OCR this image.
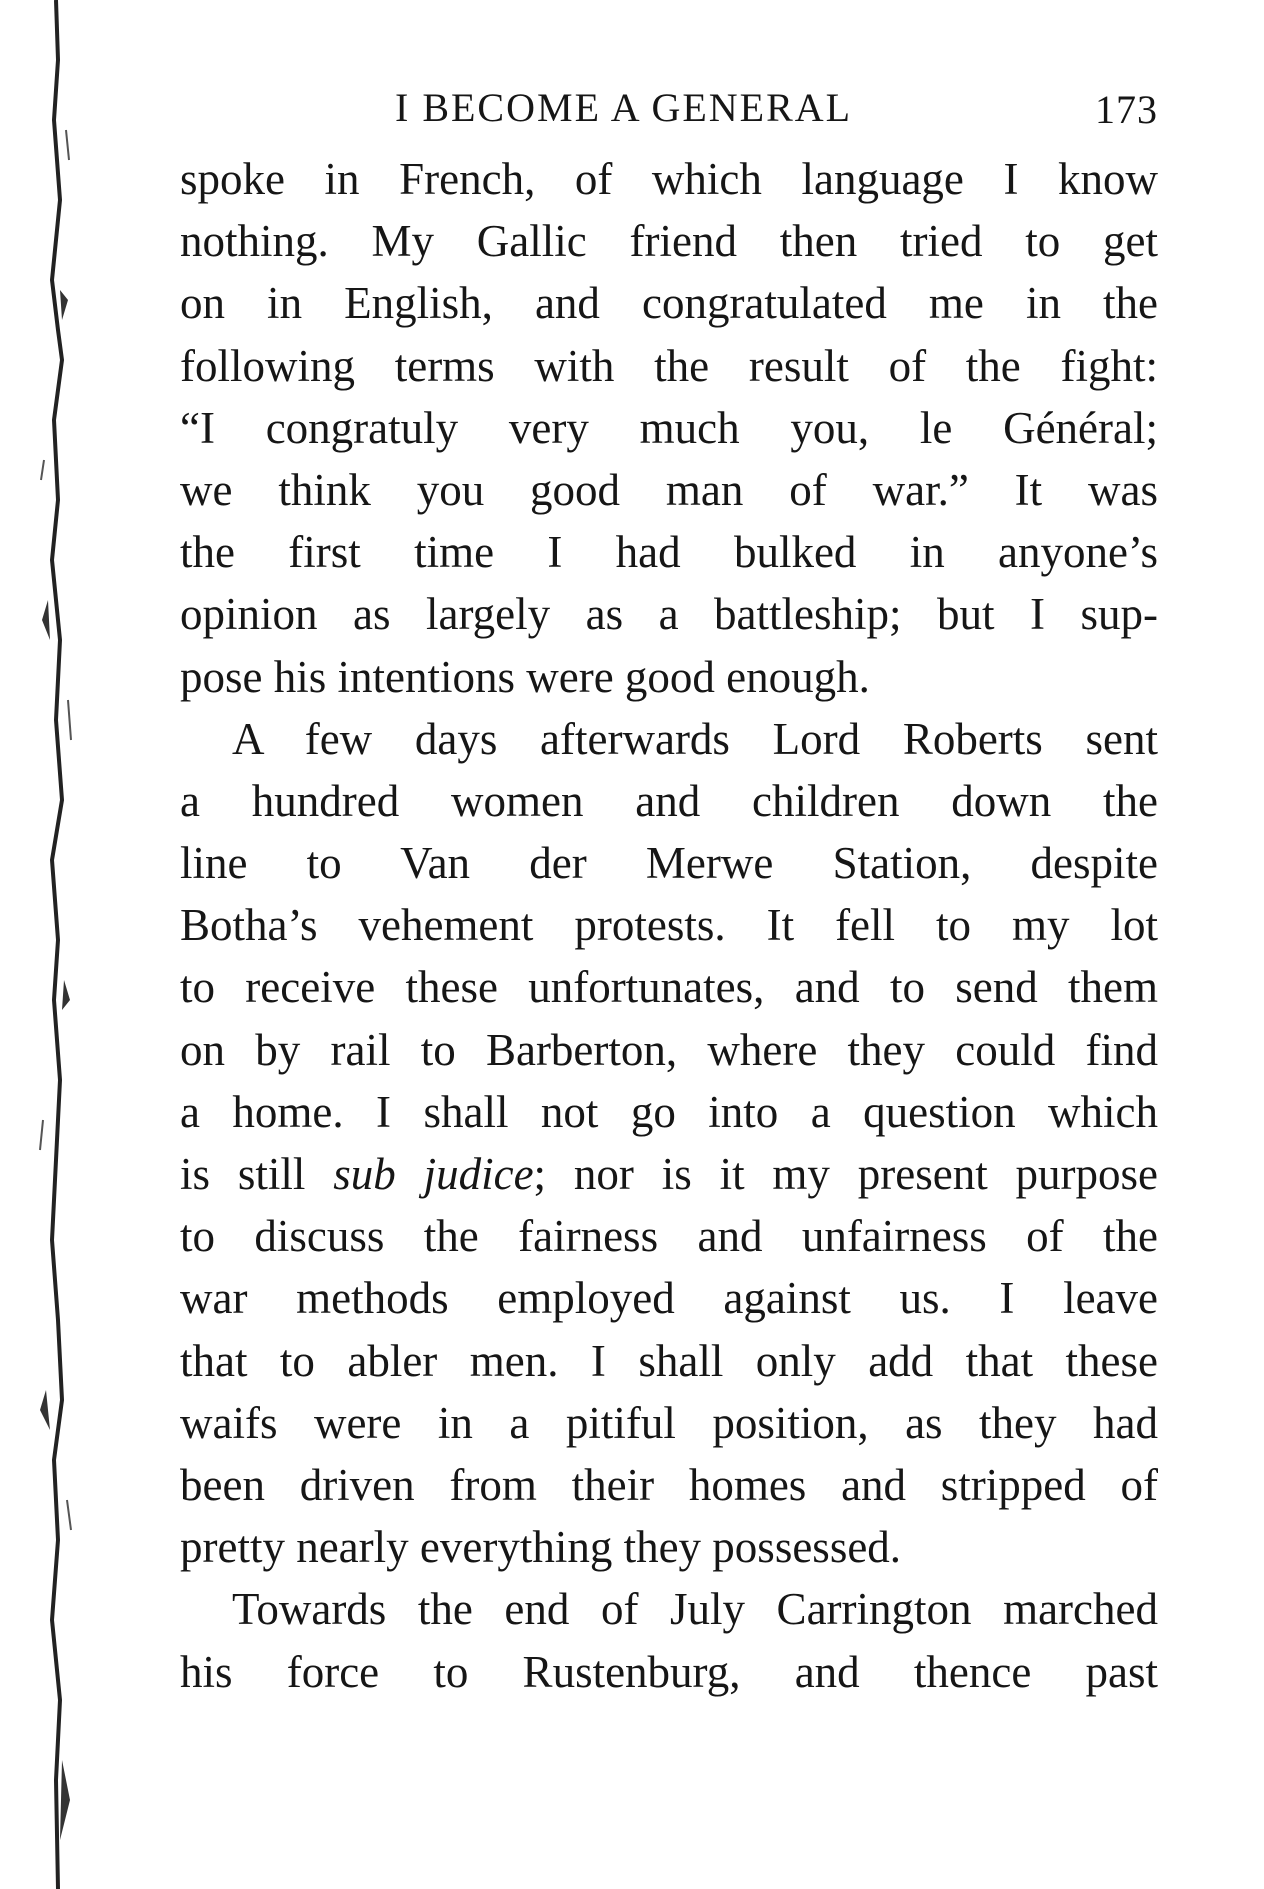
I BECOME A GENERAL	173
spoke in French, of which language I know
nothing. My Gallic friend then tried to get
on in English, and congratulated me in the
following terms with the result of the fight:
“I congratuly very much you, le Général;
we think you good man of war.” It was
the first time I had bulked in anyone’s
opinion as largely as a battleship; but I sup-
pose his intentions were good enough.
A few days afterwards Lord Roberts sent
a hundred women and children down the
line to Van der Merwe Station, despite
Botha’s vehement protests. It fell to my lot
to receive these unfortunates, and to send them
on by rail to Barberton, where they could find
a home. I shall not go into a question which
is still sub judice; nor is it my present purpose
to discuss the fairness and unfairness of the
war methods employed against us. I leave
that to abler men. I shall only add that these
waifs were in a pitiful position, as they had
been driven from their homes and stripped of
pretty nearly everything they possessed.
Towards the end of July Carrington marched
his force to Rustenburg, and thence past
